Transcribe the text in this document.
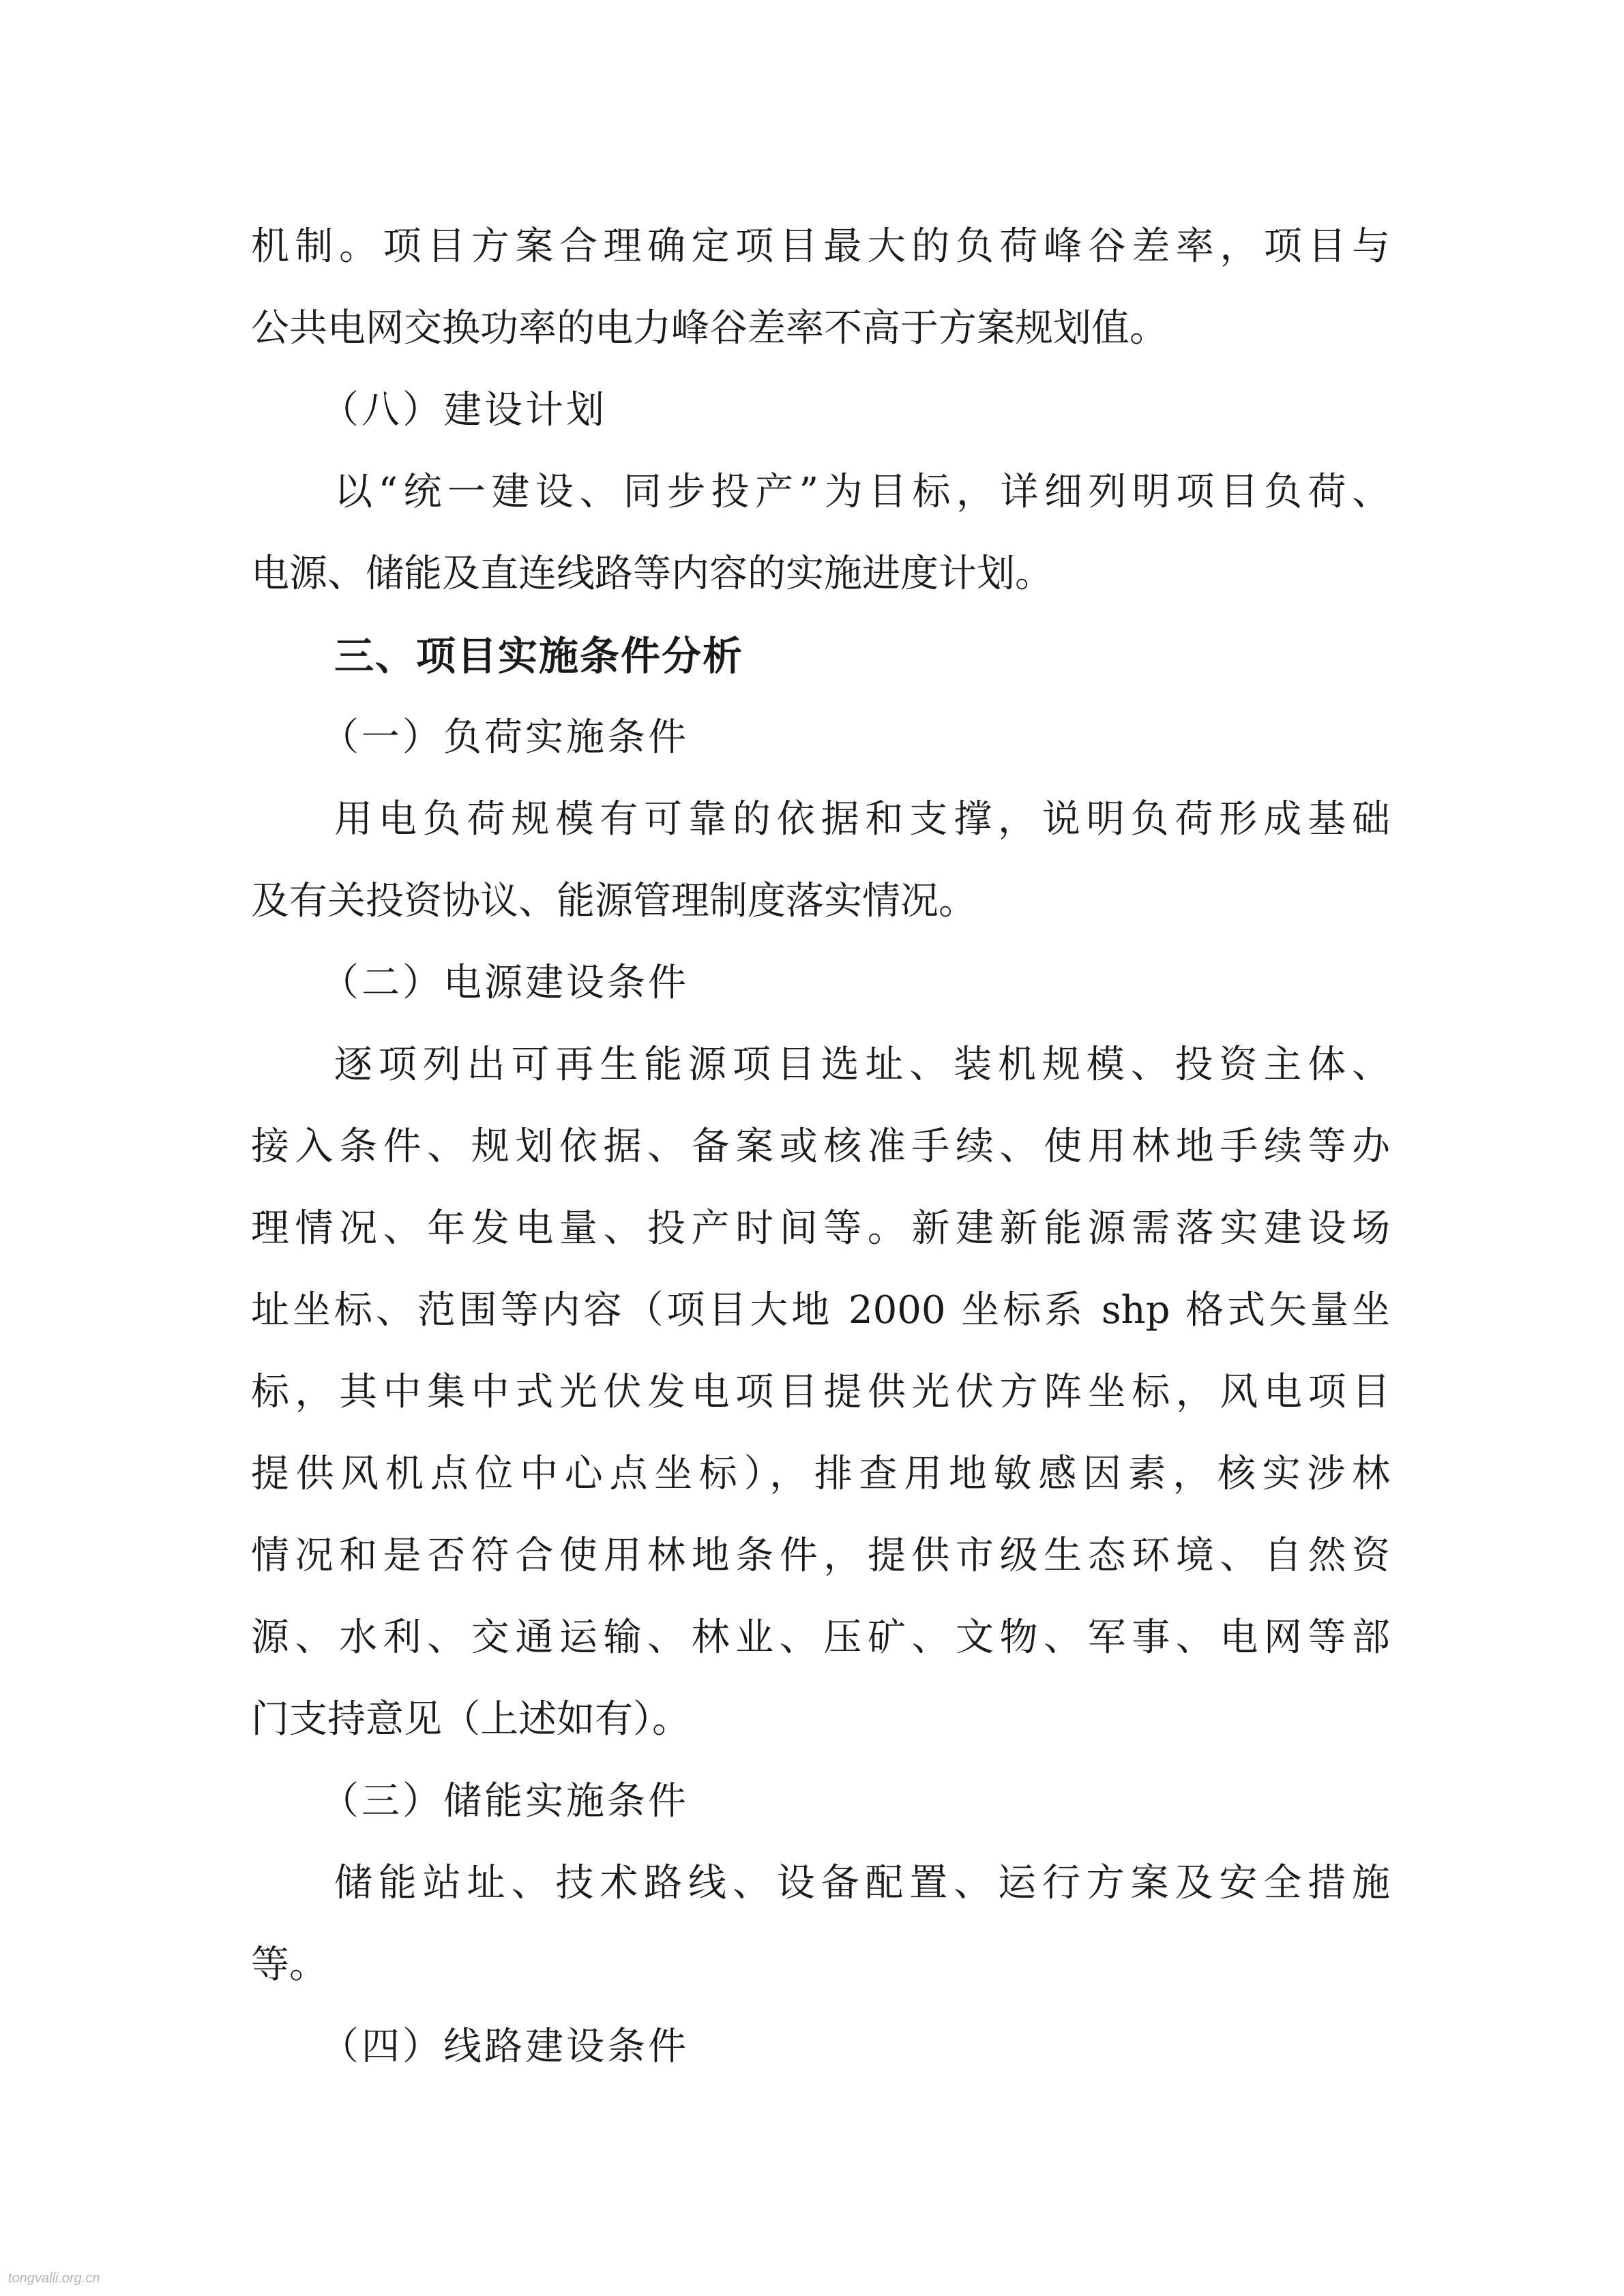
机制。项目方案合理确定项目最大的负荷峰谷差率，项目与
公共电网交换功率的电力峰谷差率不高于方案规划值。
（八）建设计划
以“统一建设、同步投产”为目标，详细列明项目负荷、
电源、储能及直连线路等内容的实施进度计划。
三、项目实施条件分析
（一）负荷实施条件
用电负荷规模有可靠的依据和支撑，说明负荷形成基础
及有关投资协议、能源管理制度落实情况。
（二）电源建设条件
逐项列出可再生能源项目选址、装机规模、投资主体、
接入条件、规划依据、备案或核准手续、使用林地手续等办
理情况、年发电量、投产时间等。新建新能源需落实建设场
址坐标、范围等内容（项目大地 2000 坐标系 shp 格式矢量坐
标，其中集中式光伏发电项目提供光伏方阵坐标，风电项目
提供风机点位中心点坐标），排查用地敏感因素，核实涉林
情况和是否符合使用林地条件，提供市级生态环境、自然资
源、水利、交通运输、林业、压矿、文物、军事、电网等部
门支持意见（上述如有）。
（三）储能实施条件
储能站址、技术路线、设备配置、运行方案及安全措施
等。
（四）线路建设条件
tongvalli.org.cn
